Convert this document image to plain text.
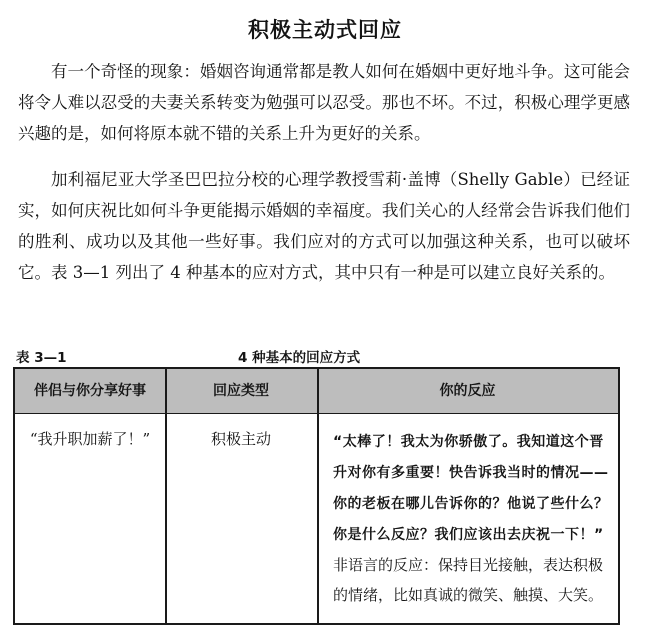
积极主动式回应

有一个奇怪的现象：婚姻咨询通常都是教人如何在婚姻中更好地斗争。这可能会将令人难以忍受的夫妻关系转变为勉强可以忍受。那也不坏。不过，积极心理学更感兴趣的是，如何将原本就不错的关系上升为更好的关系。

加利福尼亚大学圣巴巴拉分校的心理学教授雪莉·盖博（Shelly Gable）已经证实，如何庆祝比如何斗争更能揭示婚姻的幸福度。我们关心的人经常会告诉我们他们的胜利、成功以及其他一些好事。我们应对的方式可以加强这种关系，也可以破坏它。表 3—1 列出了 4 种基本的应对方式，其中只有一种是可以建立良好关系的。

表 3—1	4 种基本的回应方式
伴侣与你分享好事	回应类型	你的反应
“我升职加薪了！”	积极主动	“太棒了！我太为你骄傲了。我知道这个晋升对你有多重要！快告诉我当时的情况——你的老板在哪儿告诉你的？他说了些什么？你是什么反应？我们应该出去庆祝一下！”
非语言的反应：保持目光接触，表达积极的情绪，比如真诚的微笑、触摸、大笑。
